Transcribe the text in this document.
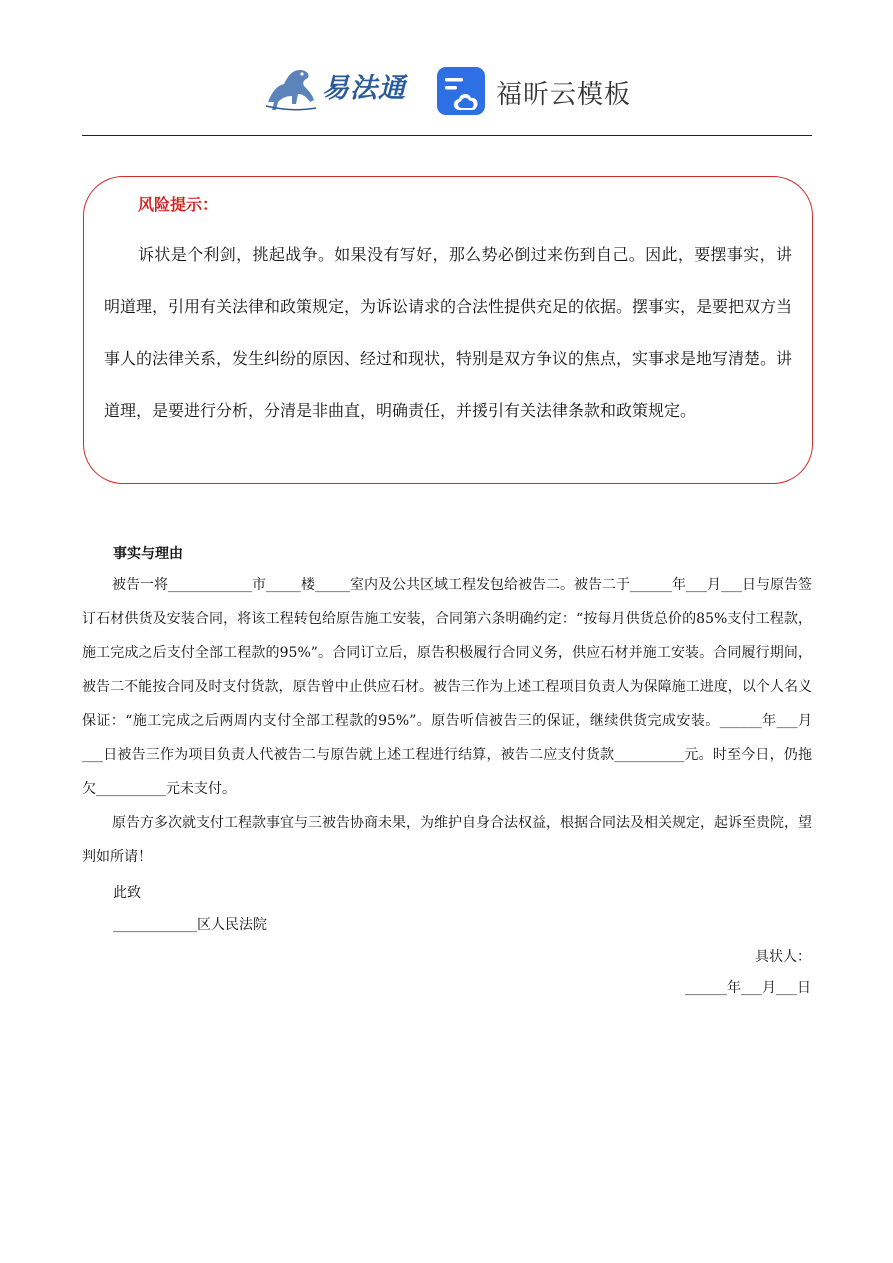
易法通	福昕云模板
风险提示：

诉状是个利剑，挑起战争。如果没有写好，那么势必倒过来伤到自己。因此，要摆事实，讲明道理，引用有关法律和政策规定，为诉讼请求的合法性提供充足的依据。摆事实，是要把双方当事人的法律关系，发生纠纷的原因、经过和现状，特别是双方争议的焦点，实事求是地写清楚。讲道理，是要进行分析，分清是非曲直，明确责任，并援引有关法律条款和政策规定。

事实与理由

被告一将____________市_____楼_____室内及公共区域工程发包给被告二。被告二于______年___月___日与原告签订石材供货及安装合同，将该工程转包给原告施工安装，合同第六条明确约定：“按每月供货总价的85%支付工程款，施工完成之后支付全部工程款的95%”。合同订立后，原告积极履行合同义务，供应石材并施工安装。合同履行期间，被告二不能按合同及时支付货款，原告曾中止供应石材。被告三作为上述工程项目负责人为保障施工进度，以个人名义保证：“施工完成之后两周内支付全部工程款的95%”。原告听信被告三的保证，继续供货完成安装。______年___月___日被告三作为项目负责人代被告二与原告就上述工程进行结算，被告二应支付货款__________元。时至今日，仍拖欠__________元未支付。

原告方多次就支付工程款事宜与三被告协商未果，为维护自身合法权益，根据合同法及相关规定，起诉至贵院，望判如所请！

此致
____________区人民法院
具状人：
______年___月___日
